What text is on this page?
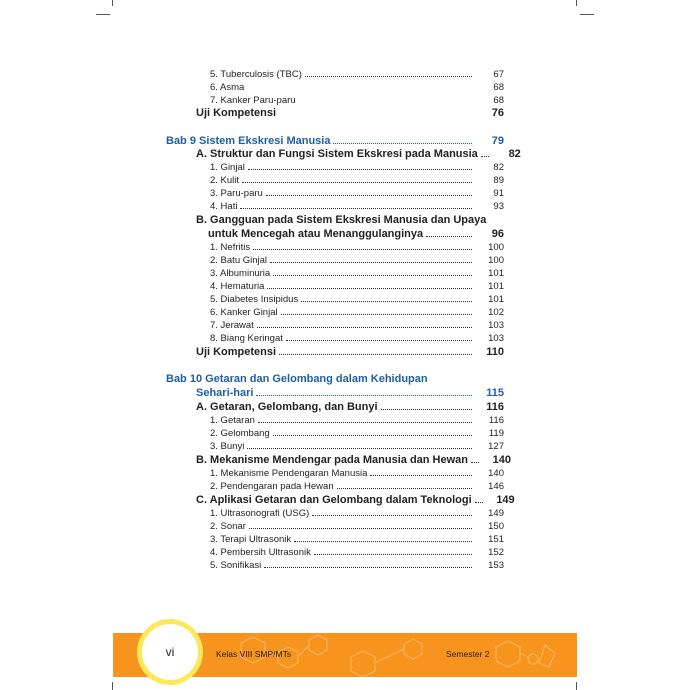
5. Tuberculosis (TBC)	67
6. Asma	68
7. Kanker Paru-paru	68
Uji Kompetensi	76
Bab 9 Sistem Ekskresi Manusia	79
A. Struktur dan Fungsi Sistem Ekskresi pada Manusia	82
1. Ginjal	82
2. Kulit	89
3. Paru-paru	91
4. Hati	93
B. Gangguan pada Sistem Ekskresi Manusia dan Upaya
untuk Mencegah atau Menanggulanginya	96
1. Nefritis	100
2. Batu Ginjal	100
3. Albuminuria	101
4. Hematuria	101
5. Diabetes Insipidus	101
6. Kanker Ginjal	102
7. Jerawat	103
8. Biang Keringat	103
Uji Kompetensi	110
Bab 10 Getaran dan Gelombang dalam Kehidupan
Sehari-hari	115
A. Getaran, Gelombang, dan Bunyi	116
1. Getaran	116
2. Gelombang	119
3. Bunyi	127
B. Mekanisme Mendengar pada Manusia dan Hewan	140
1. Mekanisme Pendengaran Manusia	140
2. Pendengaran pada Hewan	146
C. Aplikasi Getaran dan Gelombang dalam Teknologi	149
1. Ultrasonografi (USG)	149
2. Sonar	150
3. Terapi Ultrasonik	151
4. Pembersih Ultrasonik	152
5. Sonifikasi	153
vi	Kelas VIII SMP/MTs	Semester 2
